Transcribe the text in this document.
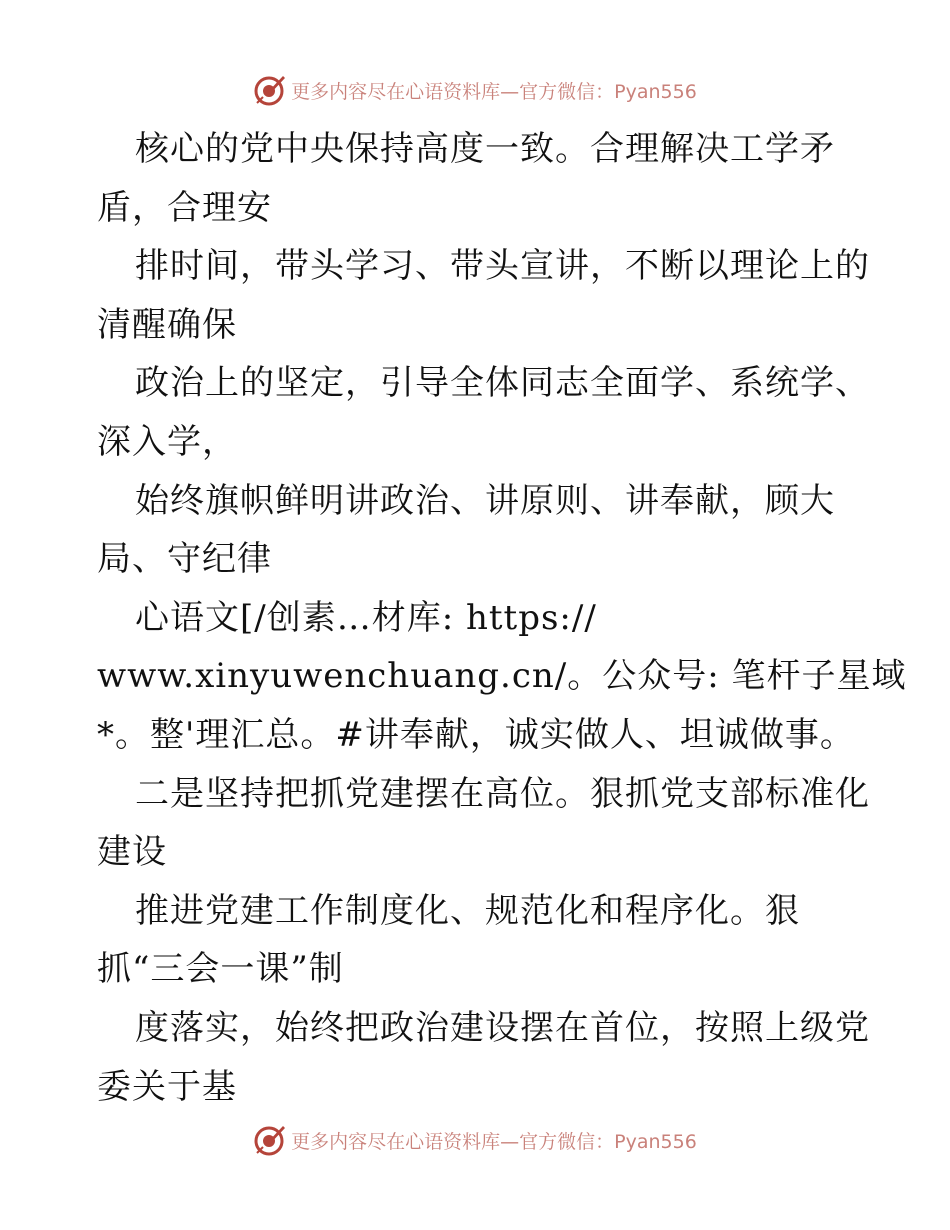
更多内容尽在心语资料库—官方微信：Pyan556
核心的党中央保持高度一致。合理解决工学矛
盾，合理安
排时间，带头学习、带头宣讲，不断以理论上的
清醒确保
政治上的坚定，引导全体同志全面学、系统学、
深入学，
始终旗帜鲜明讲政治、讲原则、讲奉献，顾大
局、守纪律
心语文[/创素…材库: https://
www.xinyuwenchuang.cn/。公众号: 笔杆子星域
*。整'理汇总。#讲奉献，诚实做人、坦诚做事。
二是坚持把抓党建摆在高位。狠抓党支部标准化
建设
推进党建工作制度化、规范化和程序化。狠
抓“三会一课”制
度落实，始终把政治建设摆在首位，按照上级党
委关于基
更多内容尽在心语资料库—官方微信：Pyan556
